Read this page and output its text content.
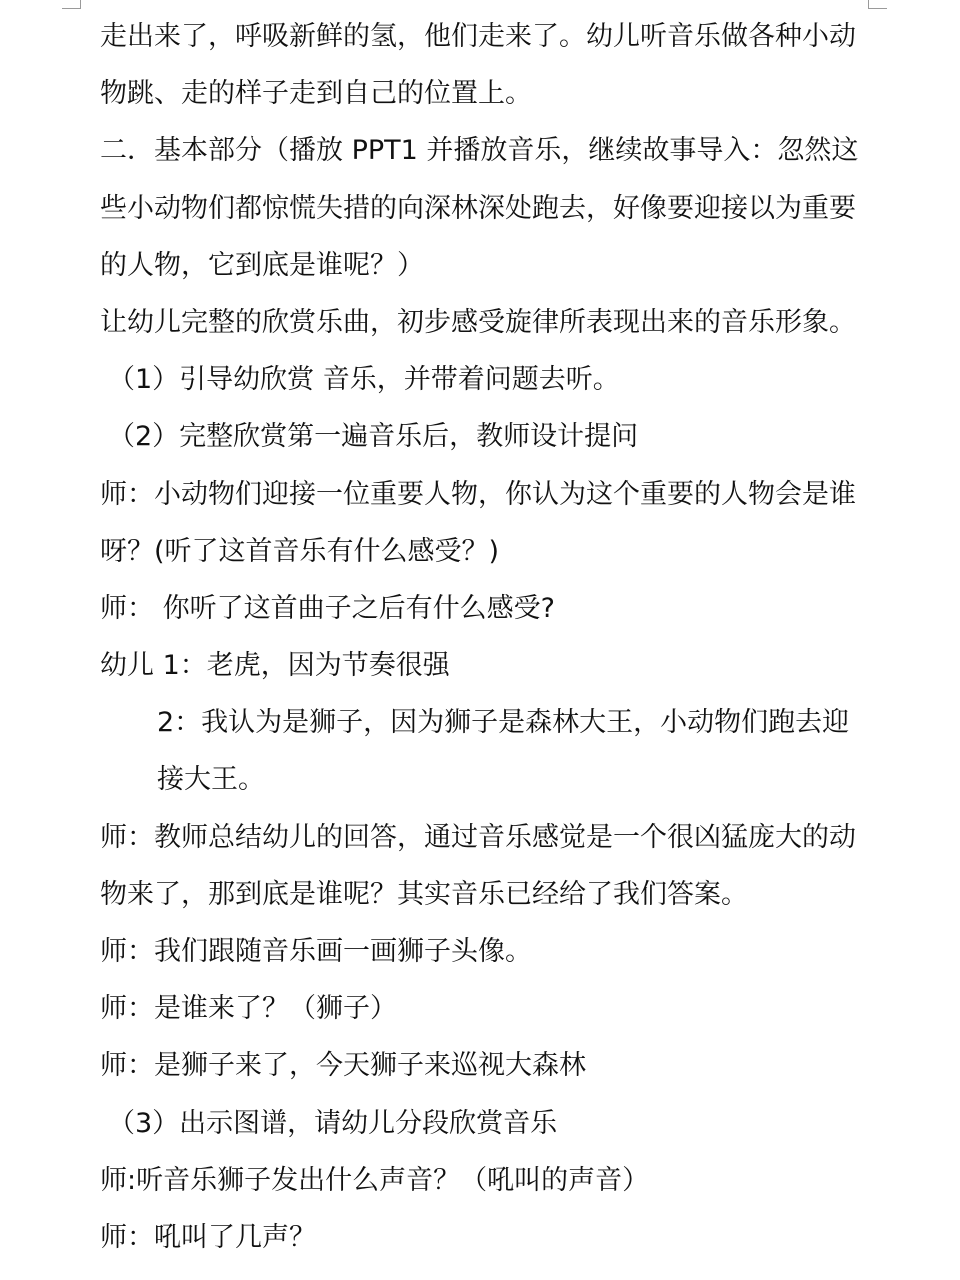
走出来了，呼吸新鲜的氢，他们走来了。幼儿听音乐做各种小动
物跳、走的样子走到自己的位置上。
二．基本部分（播放 PPT1 并播放音乐，继续故事导入：忽然这
些小动物们都惊慌失措的向深林深处跑去，好像要迎接以为重要
的人物，它到底是谁呢？）
让幼儿完整的欣赏乐曲，初步感受旋律所表现出来的音乐形象。
（1）引导幼欣赏 音乐，并带着问题去听。
（2）完整欣赏第一遍音乐后，教师设计提问
师：小动物们迎接一位重要人物，你认为这个重要的人物会是谁
呀？(听了这首音乐有什么感受？)
师： 你听了这首曲子之后有什么感受?
幼儿 1：老虎，因为节奏很强
2：我认为是狮子，因为狮子是森林大王，小动物们跑去迎
接大王。
师：教师总结幼儿的回答，通过音乐感觉是一个很凶猛庞大的动
物来了，那到底是谁呢？其实音乐已经给了我们答案。
师：我们跟随音乐画一画狮子头像。
师：是谁来了？（狮子）
师：是狮子来了，今天狮子来巡视大森林
（3）出示图谱，请幼儿分段欣赏音乐
师:听音乐狮子发出什么声音？（吼叫的声音）
师：吼叫了几声？
